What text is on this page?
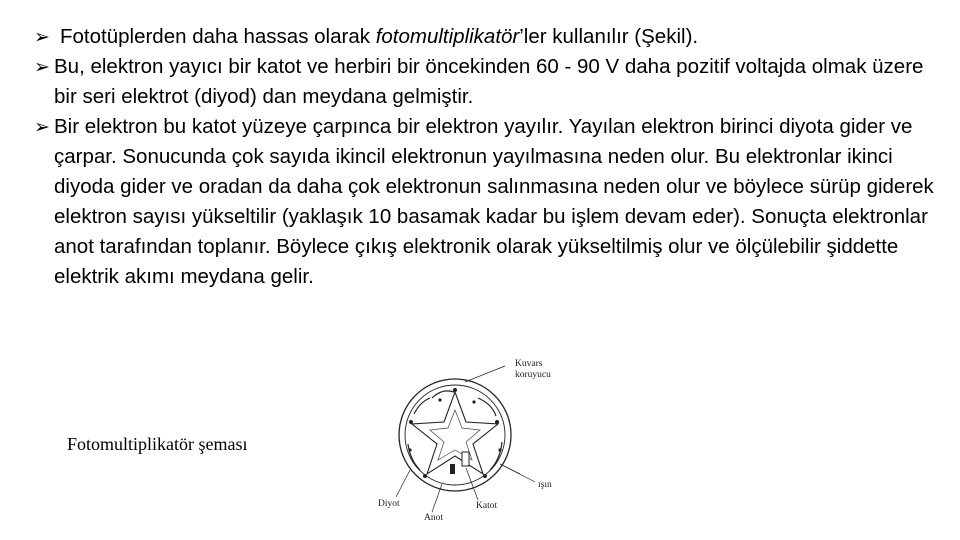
➢ Fototüplerden daha hassas olarak fotomultiplikatör’ler kullanılır (Şekil).
➢ Bu, elektron yayıcı bir katot ve herbiri bir öncekinden 60 - 90 V daha pozitif voltajda olmak üzere bir seri elektrot (diyod) dan meydana gelmiştir.
➢ Bir elektron bu katot yüzeye çarpınca bir elektron yayılır. Yayılan elektron birinci diyota gider ve çarpar. Sonucunda çok sayıda ikincil elektronun yayılmasına neden olur. Bu elektronlar ikinci diyoda gider ve oradan da daha çok elektronun salınmasına neden olur ve böylece sürüp giderek elektron sayısı yükseltilir (yaklaşık 10 basamak kadar bu işlem devam eder). Sonuçta elektronlar anot tarafından toplanır. Böylece çıkış elektronik olarak yükseltilmiş olur ve ölçülebilir şiddette elektrik akımı meydana gelir.
Fotomultiplikatör şeması
Kuvars
koruyucu
ışın
Diyot
Anot
Katot
